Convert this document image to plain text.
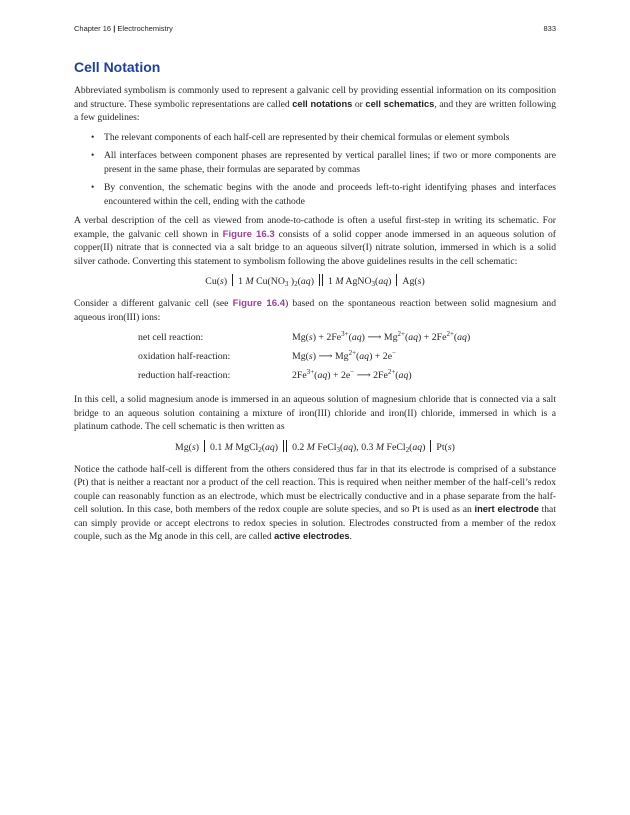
Chapter 16 | Electrochemistry	833
Cell Notation

Abbreviated symbolism is commonly used to represent a galvanic cell by providing essential information on its composition and structure. These symbolic representations are called cell notations or cell schematics, and they are written following a few guidelines:

• The relevant components of each half-cell are represented by their chemical formulas or element symbols
• All interfaces between component phases are represented by vertical parallel lines; if two or more components are present in the same phase, their formulas are separated by commas
• By convention, the schematic begins with the anode and proceeds left-to-right identifying phases and interfaces encountered within the cell, ending with the cathode

A verbal description of the cell as viewed from anode-to-cathode is often a useful first-step in writing its schematic. For example, the galvanic cell shown in Figure 16.3 consists of a solid copper anode immersed in an aqueous solution of copper(II) nitrate that is connected via a salt bridge to an aqueous silver(I) nitrate solution, immersed in which is a solid silver cathode. Converting this statement to symbolism following the above guidelines results in the cell schematic:

Cu(s) 1 M $Cu(NO_3$ )$_2(aq)$ 1 M AgNO$_3$(aq) Ag(s)

Consider a different galvanic cell (see Figure 16.4) based on the spontaneous reaction between solid magnesium and aqueous iron(III) ions:

net cell reaction:	$Mg(s) + 2Fe^{3+}(aq)$ ⟶ $Mg^{2+}(aq) + 2Fe^{2+}(aq)$
oxidation half-reaction:	Mg(s) ⟶ $Mg^{2+}(aq) + 2e^-$
reduction half-reaction:	$2Fe^{3+}(aq) + 2e^-$ ⟶ $2Fe^{2+}(aq)$

In this cell, a solid magnesium anode is immersed in an aqueous solution of magnesium chloride that is connected via a salt bridge to an aqueous solution containing a mixture of iron(III) chloride and iron(II) chloride, immersed in which is a platinum cathode. The cell schematic is then written as

Mg(s) 0.1 M MgCl$_2$(aq) 0.2 M FeCl$_3$(aq), 0.3 M FeCl$_2$(aq) Pt(s)

Notice the cathode half-cell is different from the others considered thus far in that its electrode is comprised of a substance (Pt) that is neither a reactant nor a product of the cell reaction. This is required when neither member of the half-cell’s redox couple can reasonably function as an electrode, which must be electrically conductive and in a phase separate from the half-cell solution. In this case, both members of the redox couple are solute species, and so Pt is used as an inert electrode that can simply provide or accept electrons to redox species in solution. Electrodes constructed from a member of the redox couple, such as the Mg anode in this cell, are called active electrodes.
